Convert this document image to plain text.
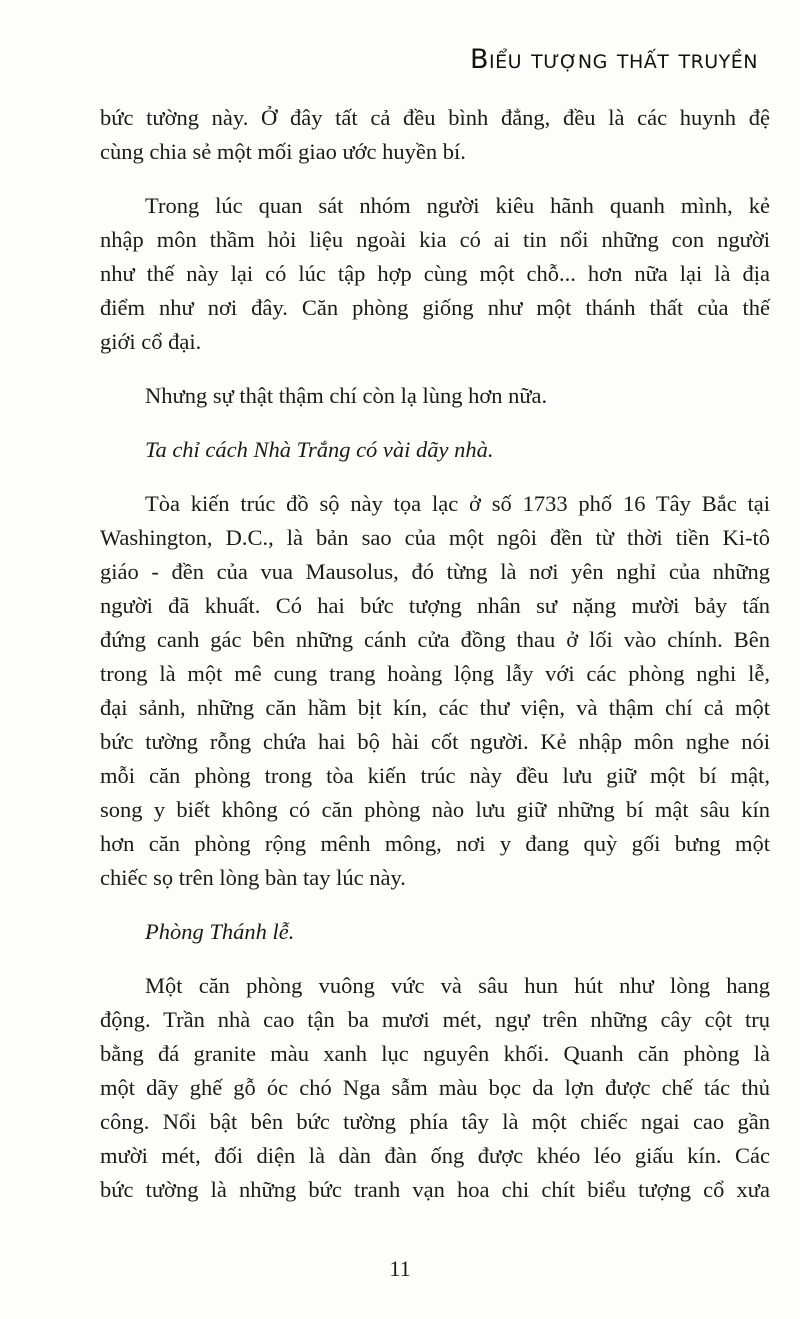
Biểu tượng thất truyền
bức tường này. Ở đây tất cả đều bình đẳng, đều là các huynh đệ
cùng chia sẻ một mối giao ước huyền bí.
Trong lúc quan sát nhóm người kiêu hãnh quanh mình, kẻ
nhập môn thầm hỏi liệu ngoài kia có ai tin nổi những con người
như thế này lại có lúc tập hợp cùng một chỗ... hơn nữa lại là địa
điểm như nơi đây. Căn phòng giống như một thánh thất của thế
giới cổ đại.
Nhưng sự thật thậm chí còn lạ lùng hơn nữa.
Ta chỉ cách Nhà Trắng có vài dãy nhà.
Tòa kiến trúc đồ sộ này tọa lạc ở số 1733 phố 16 Tây Bắc tại
Washington, D.C., là bản sao của một ngôi đền từ thời tiền Ki-tô
giáo - đền của vua Mausolus, đó từng là nơi yên nghỉ của những
người đã khuất. Có hai bức tượng nhân sư nặng mười bảy tấn
đứng canh gác bên những cánh cửa đồng thau ở lối vào chính. Bên
trong là một mê cung trang hoàng lộng lẫy với các phòng nghi lễ,
đại sảnh, những căn hầm bịt kín, các thư viện, và thậm chí cả một
bức tường rỗng chứa hai bộ hài cốt người. Kẻ nhập môn nghe nói
mỗi căn phòng trong tòa kiến trúc này đều lưu giữ một bí mật,
song y biết không có căn phòng nào lưu giữ những bí mật sâu kín
hơn căn phòng rộng mênh mông, nơi y đang quỳ gối bưng một
chiếc sọ trên lòng bàn tay lúc này.
Phòng Thánh lễ.
Một căn phòng vuông vức và sâu hun hút như lòng hang
động. Trần nhà cao tận ba mươi mét, ngự trên những cây cột trụ
bằng đá granite màu xanh lục nguyên khối. Quanh căn phòng là
một dãy ghế gỗ óc chó Nga sẫm màu bọc da lợn được chế tác thủ
công. Nổi bật bên bức tường phía tây là một chiếc ngai cao gần
mười mét, đối diện là dàn đàn ống được khéo léo giấu kín. Các
bức tường là những bức tranh vạn hoa chi chít biểu tượng cổ xưa
11
